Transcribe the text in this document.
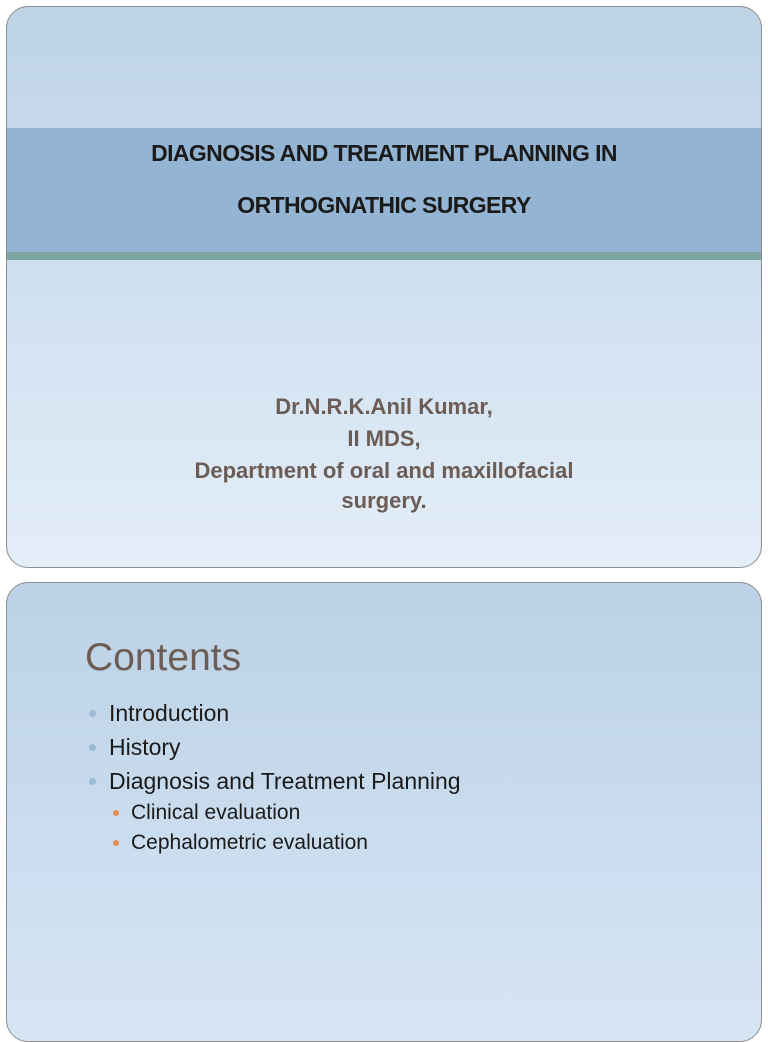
DIAGNOSIS AND TREATMENT PLANNING IN
ORTHOGNATHIC SURGERY
Dr.N.R.K.Anil Kumar,
II MDS,
Department of oral and maxillofacial
surgery.
Contents
Introduction
History
Diagnosis and Treatment Planning
Clinical evaluation
Cephalometric evaluation
